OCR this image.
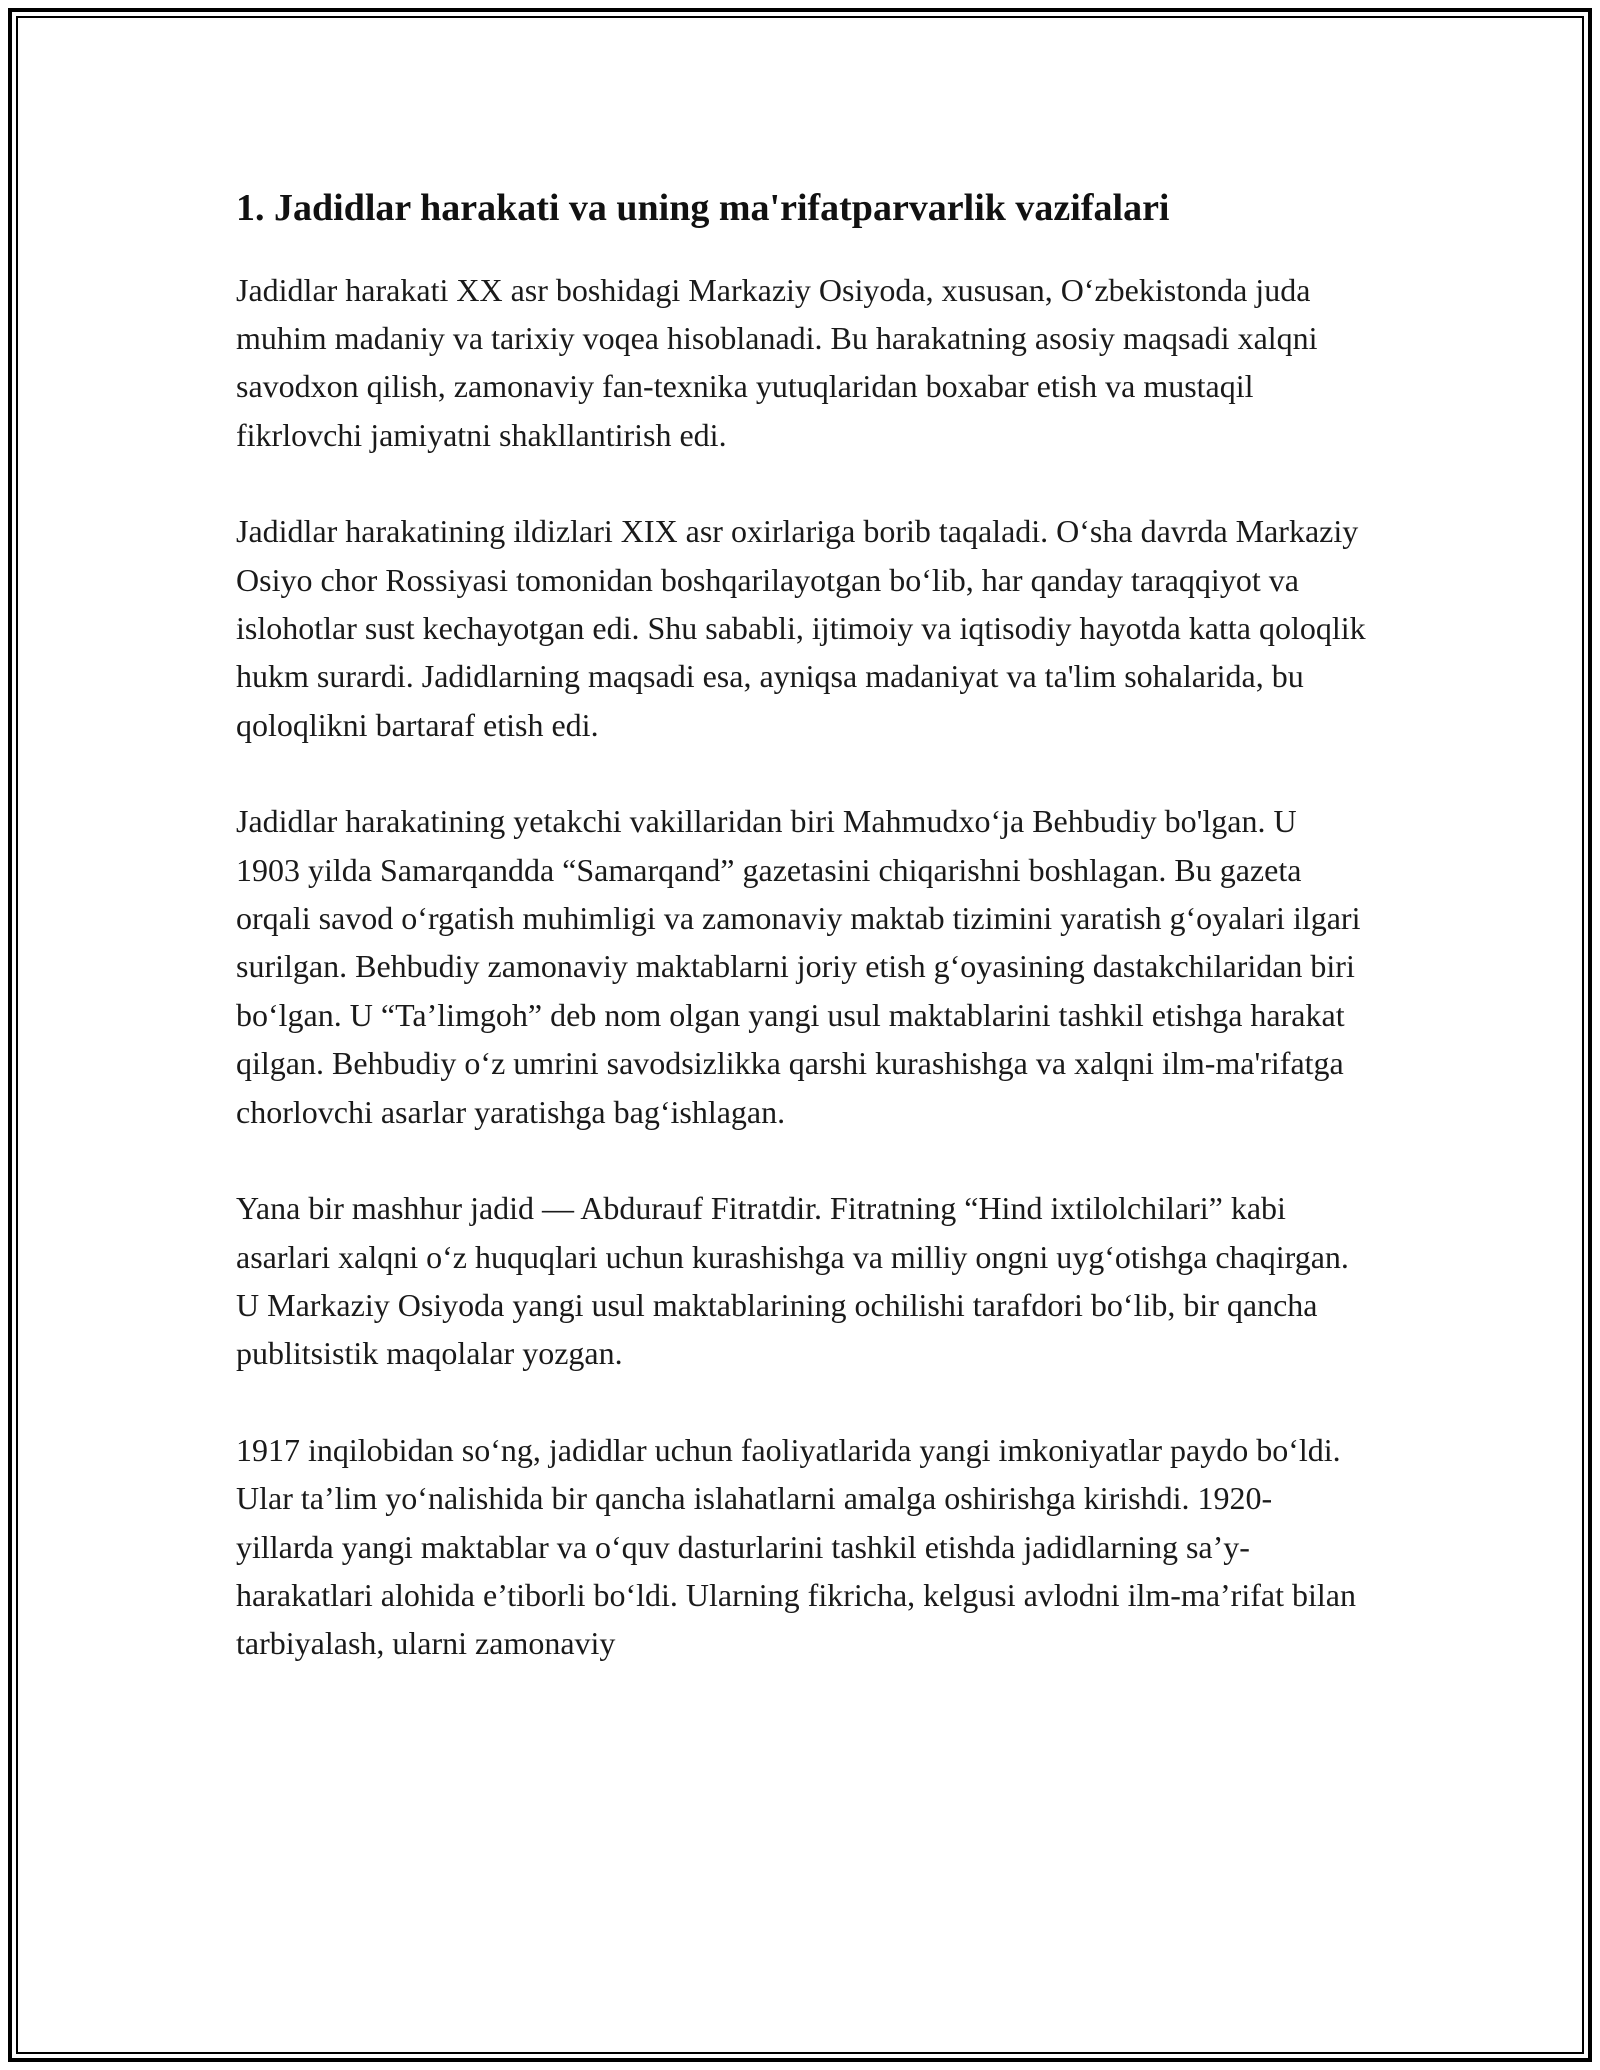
1. Jadidlar harakati va uning ma'rifatparvarlik vazifalari

Jadidlar harakati XX asr boshidagi Markaziy Osiyoda, xususan, O‘zbekistonda juda muhim madaniy va tarixiy voqea hisoblanadi. Bu harakatning asosiy maqsadi xalqni savodxon qilish, zamonaviy fan-texnika yutuqlaridan boxabar etish va mustaqil fikrlovchi jamiyatni shakllantirish edi.

Jadidlar harakatining ildizlari XIX asr oxirlariga borib taqaladi. O‘sha davrda Markaziy Osiyo chor Rossiyasi tomonidan boshqarilayotgan bo‘lib, har qanday taraqqiyot va islohotlar sust kechayotgan edi. Shu sababli, ijtimoiy va iqtisodiy hayotda katta qoloqlik hukm surardi. Jadidlarning maqsadi esa, ayniqsa madaniyat va ta'lim sohalarida, bu qoloqlikni bartaraf etish edi.

Jadidlar harakatining yetakchi vakillaridan biri Mahmudxo‘ja Behbudiy bo'lgan. U 1903 yilda Samarqandda “Samarqand” gazetasini chiqarishni boshlagan. Bu gazeta orqali savod o‘rgatish muhimligi va zamonaviy maktab tizimini yaratish g‘oyalari ilgari surilgan. Behbudiy zamonaviy maktablarni joriy etish g‘oyasining dastakchilaridan biri bo‘lgan. U “Ta’limgoh” deb nom olgan yangi usul maktablarini tashkil etishga harakat qilgan. Behbudiy o‘z umrini savodsizlikka qarshi kurashishga va xalqni ilm-ma'rifatga chorlovchi asarlar yaratishga bag‘ishlagan.

Yana bir mashhur jadid — Abdurauf Fitratdir. Fitratning “Hind ixtilolchilari” kabi asarlari xalqni o‘z huquqlari uchun kurashishga va milliy ongni uyg‘otishga chaqirgan. U Markaziy Osiyoda yangi usul maktablarining ochilishi tarafdori bo‘lib, bir qancha publitsistik maqolalar yozgan.

1917 inqilobidan so‘ng, jadidlar uchun faoliyatlarida yangi imkoniyatlar paydo bo‘ldi. Ular ta’lim yo‘nalishida bir qancha islahatlarni amalga oshirishga kirishdi. 1920-yillarda yangi maktablar va o‘quv dasturlarini tashkil etishda jadidlarning sa’y-harakatlari alohida e’tiborli bo‘ldi. Ularning fikricha, kelgusi avlodni ilm-ma’rifat bilan tarbiyalash, ularni zamonaviy
